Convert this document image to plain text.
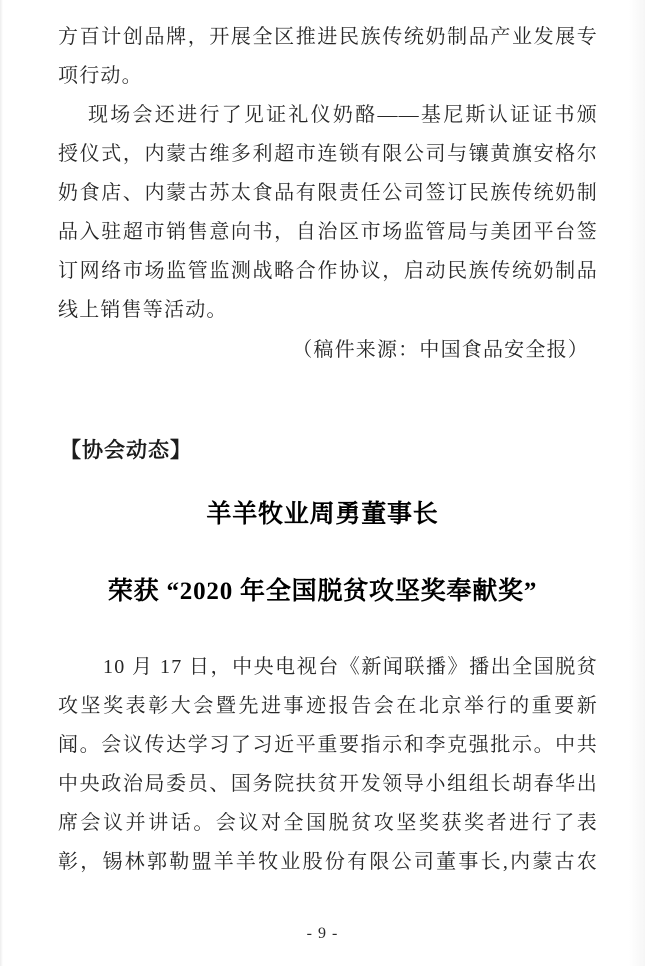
方百计创品牌，开展全区推进民族传统奶制品产业发展专
项行动。
现场会还进行了见证礼仪奶酪——基尼斯认证证书颁
授仪式，内蒙古维多利超市连锁有限公司与镶黄旗安格尔
奶食店、内蒙古苏太食品有限责任公司签订民族传统奶制
品入驻超市销售意向书，自治区市场监管局与美团平台签
订网络市场监管监测战略合作协议，启动民族传统奶制品
线上销售等活动。
（稿件来源：中国食品安全报）
【协会动态】
羊羊牧业周勇董事长
荣获 “2020 年全国脱贫攻坚奖奉献奖”
10 月 17 日，中央电视台《新闻联播》播出全国脱贫
攻坚奖表彰大会暨先进事迹报告会在北京举行的重要新
闻。会议传达学习了习近平重要指示和李克强批示。中共
中央政治局委员、国务院扶贫开发领导小组组长胡春华出
席会议并讲话。会议对全国脱贫攻坚奖获奖者进行了表
彰，锡林郭勒盟羊羊牧业股份有限公司董事长,内蒙古农
- 9 -
